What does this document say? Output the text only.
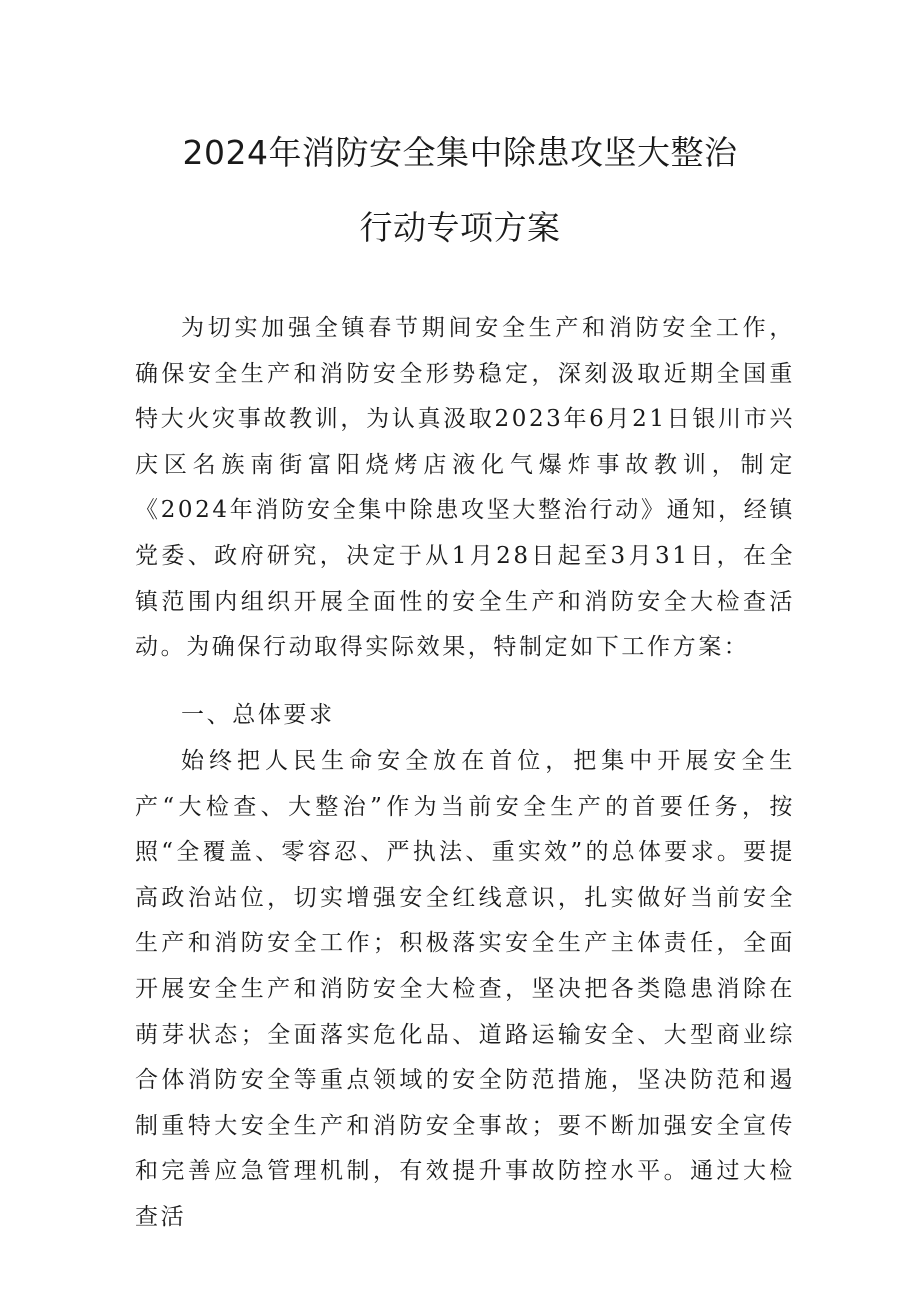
2024年消防安全集中除患攻坚大整治
行动专项方案

为切实加强全镇春节期间安全生产和消防安全工作，确保安全生产和消防安全形势稳定，深刻汲取近期全国重特大火灾事故教训，为认真汲取2023年6月21日银川市兴庆区名族南街富阳烧烤店液化气爆炸事故教训，制定《2024年消防安全集中除患攻坚大整治行动》通知，经镇党委、政府研究，决定于从1月28日起至3月31日，在全镇范围内组织开展全面性的安全生产和消防安全大检查活动。为确保行动取得实际效果，特制定如下工作方案：

一、总体要求

始终把人民生命安全放在首位，把集中开展安全生产“大检查、大整治”作为当前安全生产的首要任务，按照“全覆盖、零容忍、严执法、重实效”的总体要求。要提高政治站位，切实增强安全红线意识，扎实做好当前安全生产和消防安全工作；积极落实安全生产主体责任，全面开展安全生产和消防安全大检查，坚决把各类隐患消除在萌芽状态；全面落实危化品、道路运输安全、大型商业综合体消防安全等重点领域的安全防范措施，坚决防范和遏制重特大安全生产和消防安全事故；要不断加强安全宣传和完善应急管理机制，有效提升事故防控水平。通过大检查活
